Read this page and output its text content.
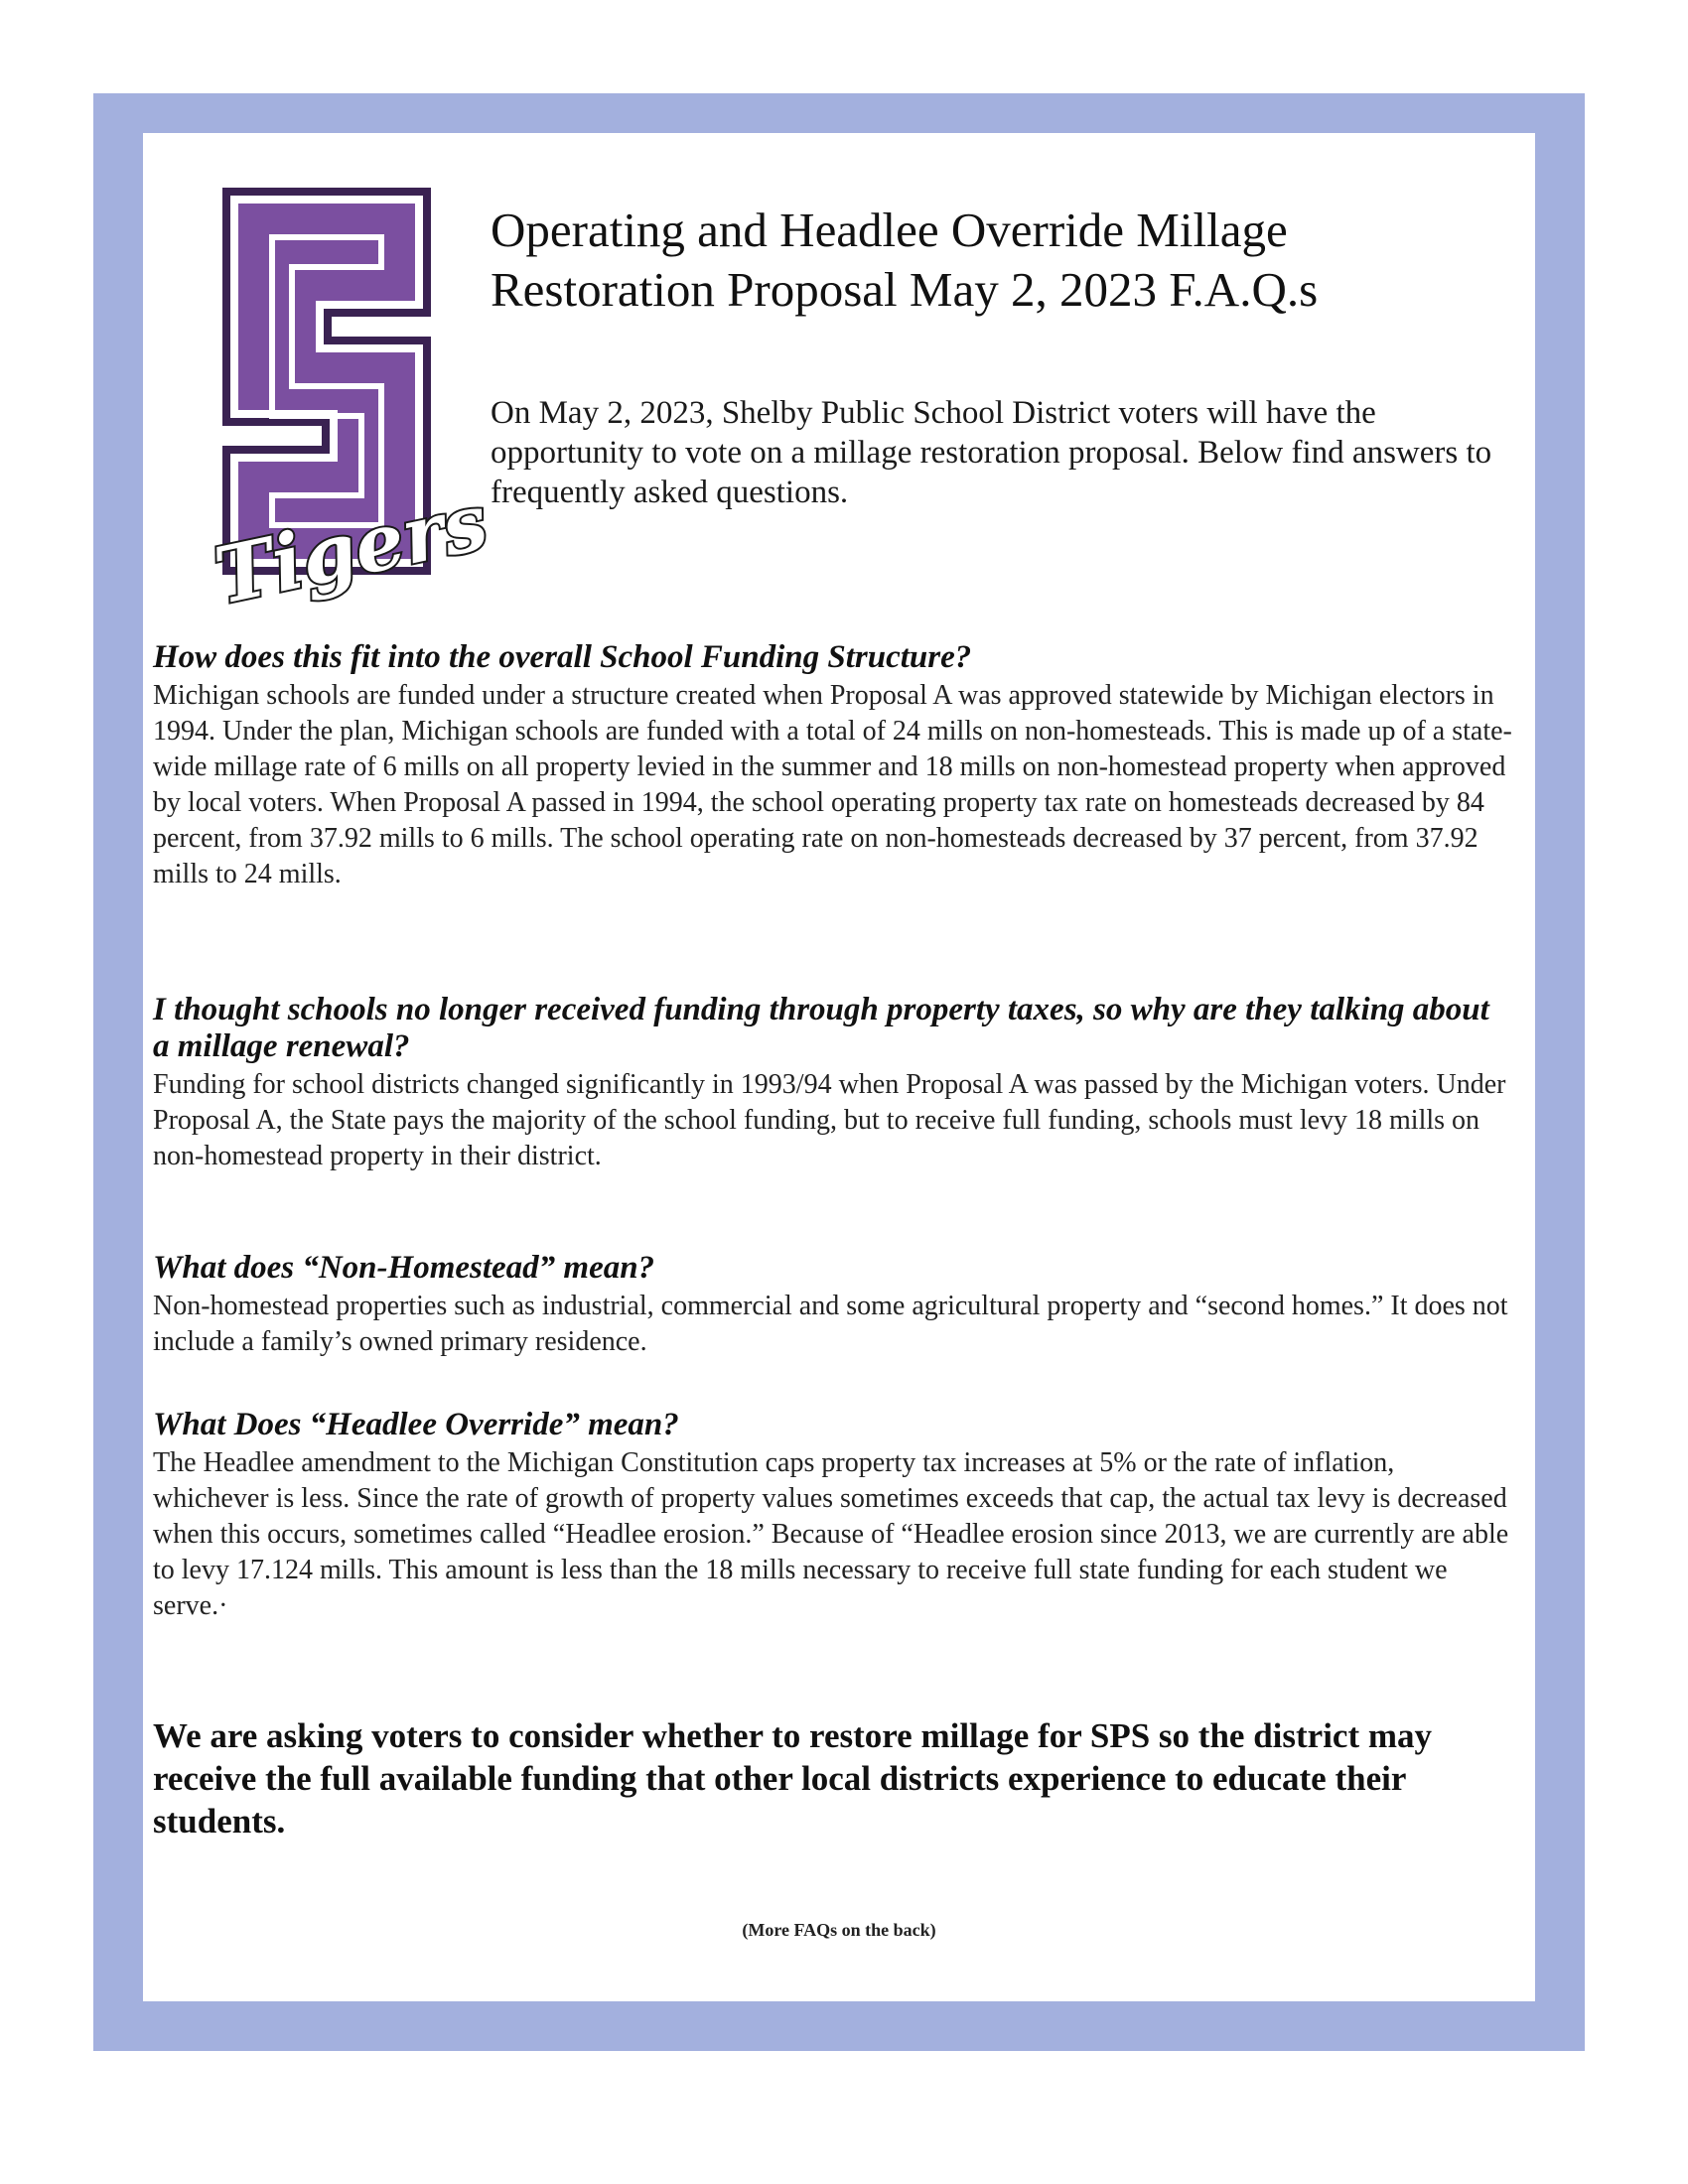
Tigers
Operating and Headlee Override Millage
Restoration Proposal May 2, 2023 F.A.Q.s

On May 2, 2023, Shelby Public School District voters will have the opportunity to vote on a millage restoration proposal. Below find answers to frequently asked questions.

How does this fit into the overall School Funding Structure?

Michigan schools are funded under a structure created when Proposal A was approved statewide by Michigan electors in 1994. Under the plan, Michigan schools are funded with a total of 24 mills on non-homesteads. This is made up of a state-wide millage rate of 6 mills on all property levied in the summer and 18 mills on non-homestead property when approved by local voters. When Proposal A passed in 1994, the school operating property tax rate on homesteads decreased by 84 percent, from 37.92 mills to 6 mills. The school operating rate on non-homesteads decreased by 37 percent, from 37.92 mills to 24 mills.

I thought schools no longer received funding through property taxes, so why are they talking about a millage renewal?

Funding for school districts changed significantly in 1993/94 when Proposal A was passed by the Michigan voters. Under Proposal A, the State pays the majority of the school funding, but to receive full funding, schools must levy 18 mills on non-homestead property in their district.

What does “Non-Homestead” mean?

Non-homestead properties such as industrial, commercial and some agricultural property and “second homes.” It does not include a family’s owned primary residence.

What Does “Headlee Override” mean?

The Headlee amendment to the Michigan Constitution caps property tax increases at 5% or the rate of inflation, whichever is less. Since the rate of growth of property values sometimes exceeds that cap, the actual tax levy is decreased when this occurs, sometimes called “Headlee erosion.” Because of “Headlee erosion since 2013, we are currently are able to levy 17.124 mills. This amount is less than the 18 mills necessary to receive full state funding for each student we serve.·

We are asking voters to consider whether to restore millage for SPS so the district may receive the full available funding that other local districts experience to educate their students.

(More FAQs on the back)
